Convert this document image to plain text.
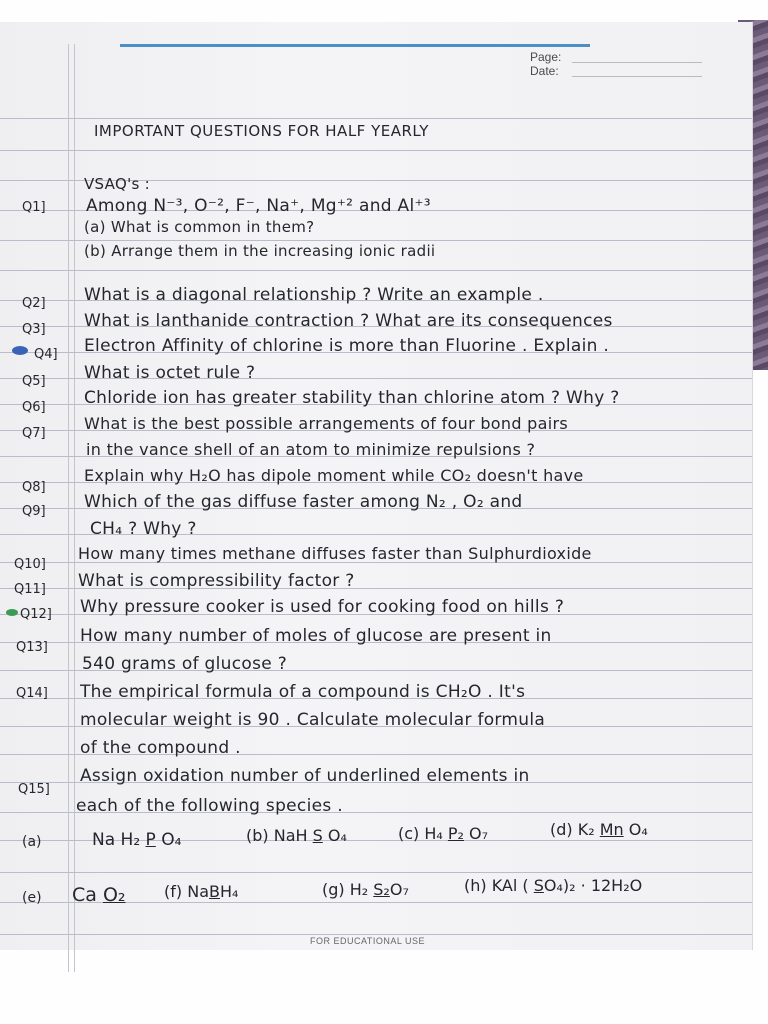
Page:
Date:
IMPORTANT QUESTIONS FOR HALF YEARLY
VSAQ's :
Q1] Among N⁻³, O⁻², F⁻, Na⁺, Mg⁺² and Al⁺³
(a) What is common in them?
(b) Arrange them in the increasing ionic radii
Q2] What is a diagonal relationship ? Write an example .
Q3] What is lanthanide contraction ? What are its consequences
Q4] Electron Affinity of chlorine is more than Fluorine . Explain .
Q5] What is octet rule ?
Q6] Chloride ion has greater stability than chlorine atom ? Why ?
Q7]
What is the best possible arrangements of four bond pairs
in the vance shell of an atom to minimize repulsions ?
Q8]
Explain why H₂O has dipole moment while CO₂ doesn't have
Q9] Which of the gas diffuse faster among N₂ , O₂ and
CH₄ ? Why ?
Q10]
How many times methane diffuses faster than Sulphurdioxide
Q11] What is compressibility factor ?
Q12] Why pressure cooker is used for cooking food on hills ?
Q13]
How many number of moles of glucose are present in
540 grams of glucose ?
Q14] The empirical formula of a compound is CH₂O . It's
molecular weight is 90 . Calculate molecular formula
of the compound .
Q15]
Assign oxidation number of underlined elements in
each of the following species .
(a)	Na H₂ P O₄	(b) NaH S O₄	(c) H₄ P₂ O₇	(d) K₂ Mn O₄
(e) Ca O₂ (f) NaBH₄	(g) H₂ S₂O₇	(h) KAl ( SO₄)₂ · 12H₂O
FOR EDUCATIONAL USE
